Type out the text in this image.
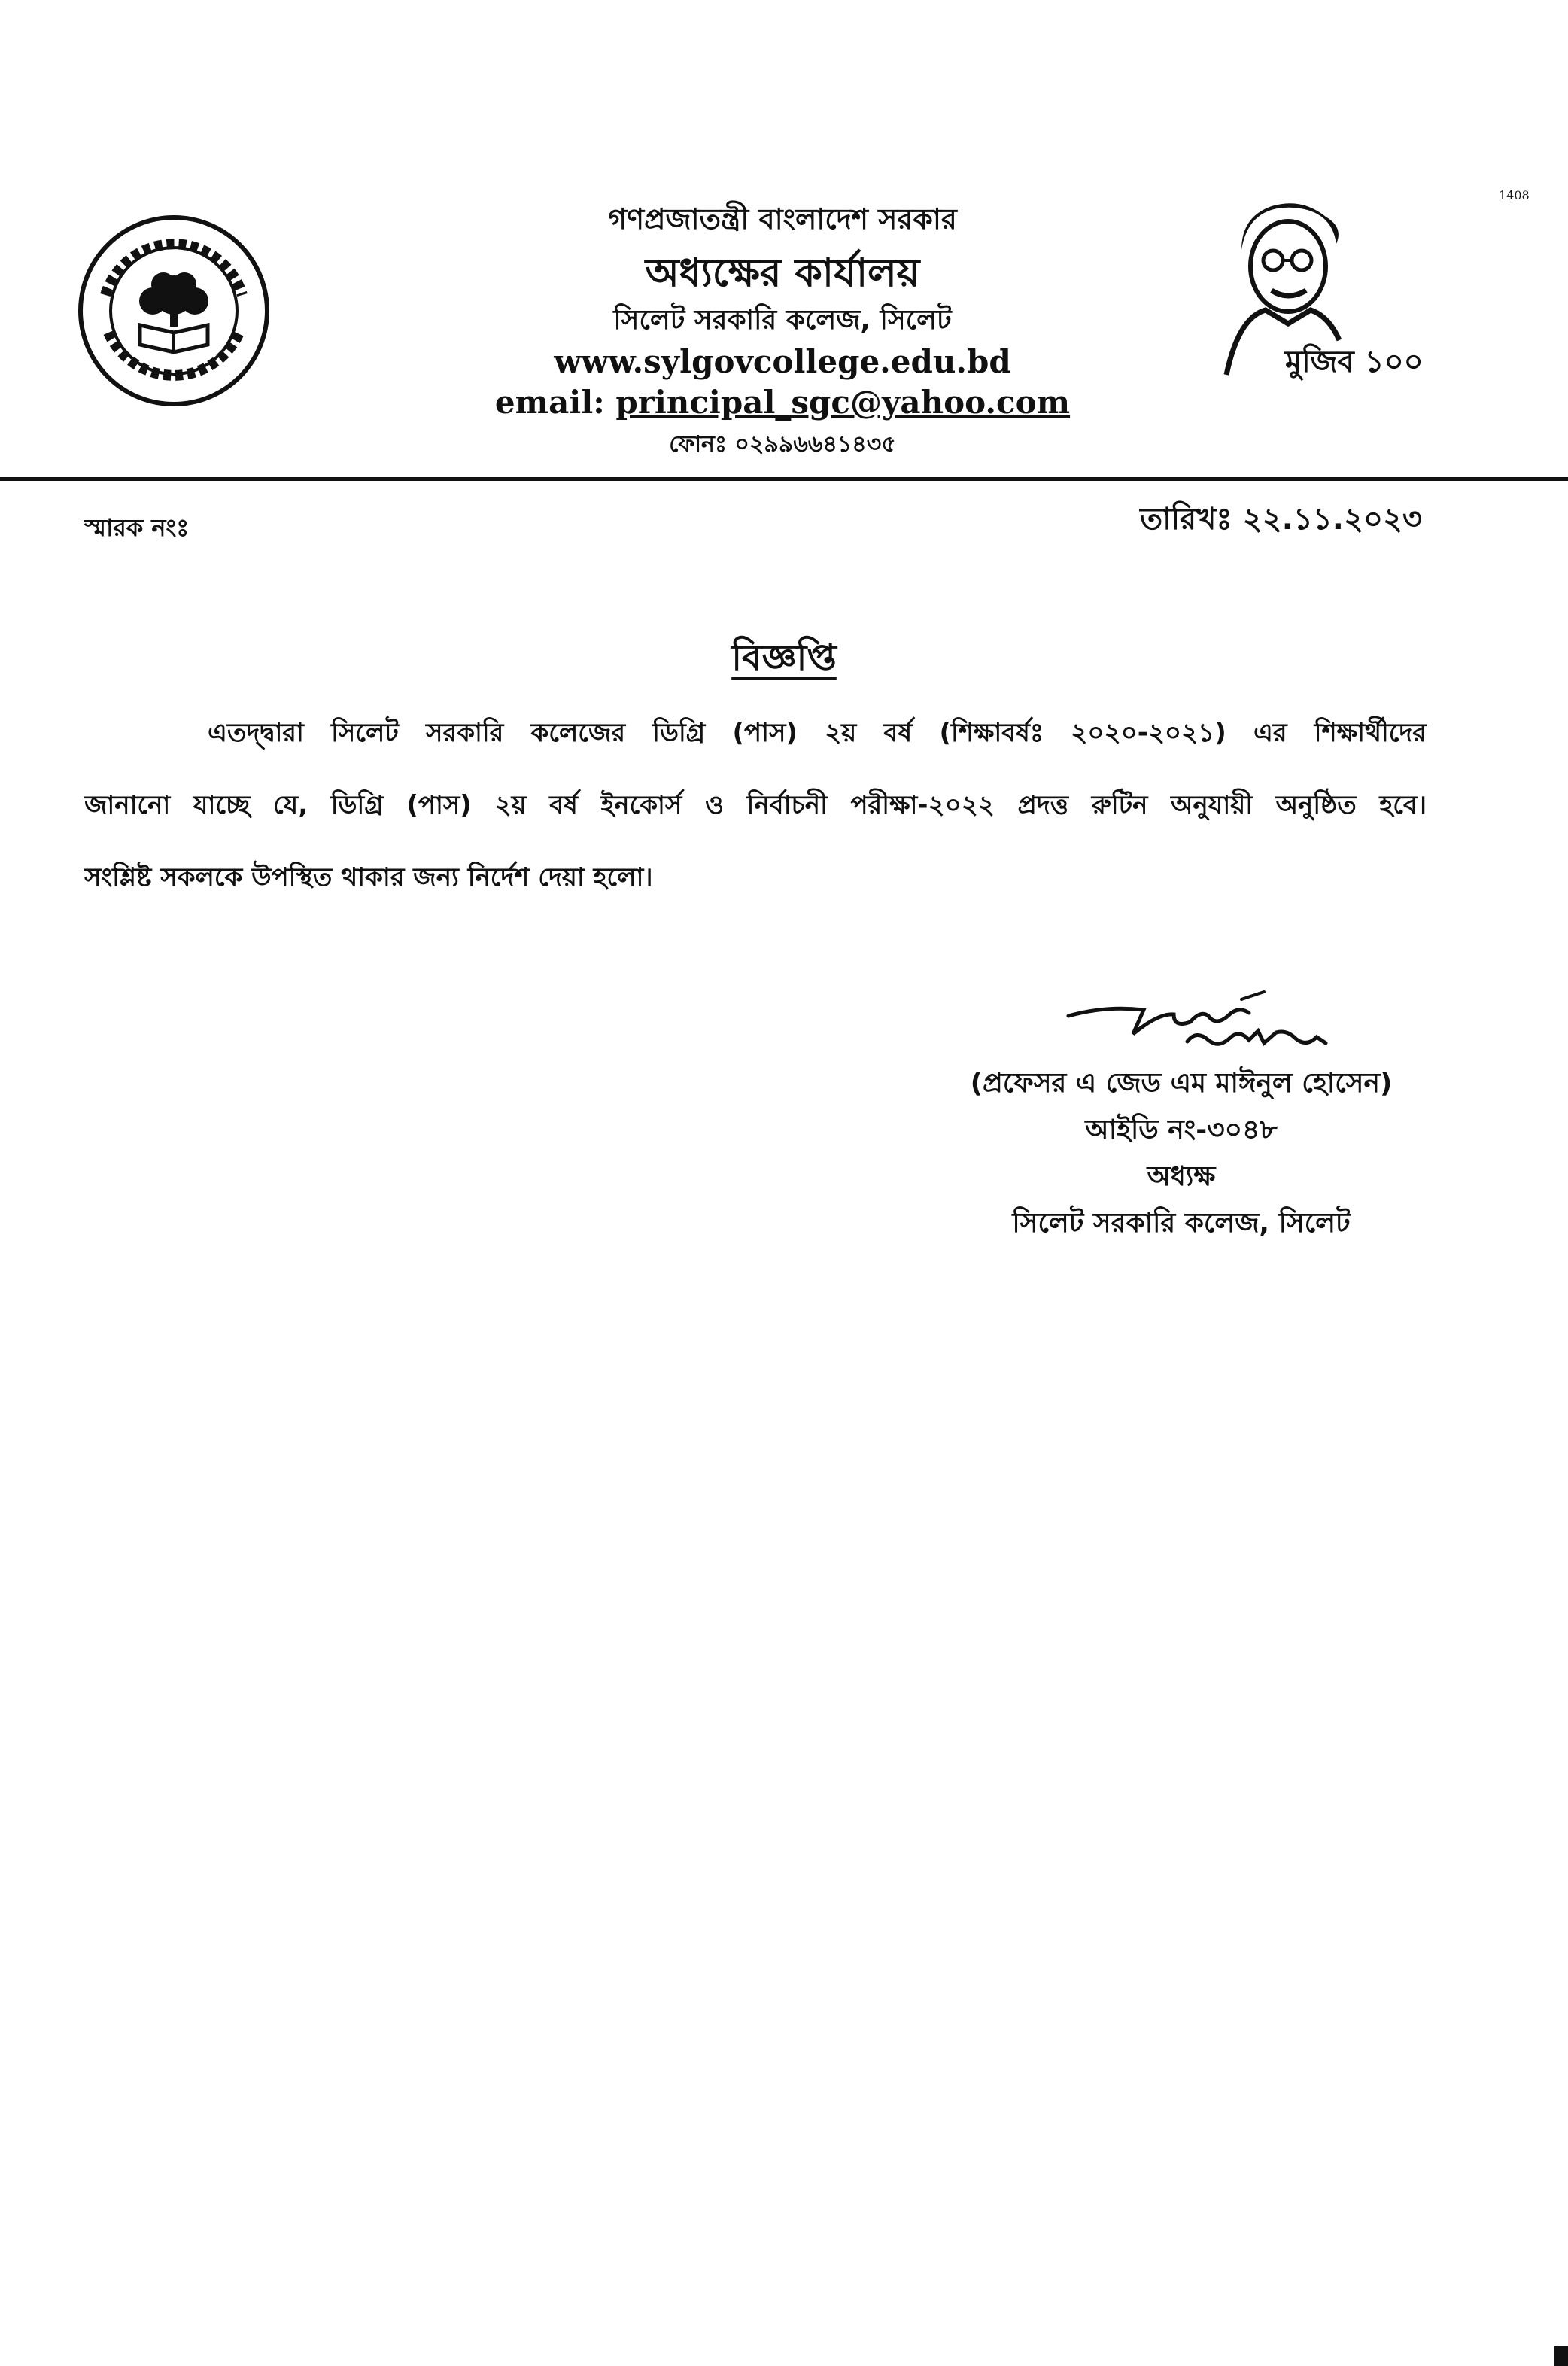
1408
গণপ্রজাতন্ত্রী বাংলাদেশ সরকার
অধ্যক্ষের কার্যালয়
সিলেট সরকারি কলেজ, সিলেট
www.sylgovcollege.edu.bd
email: principal_sgc@yahoo.com
ফোনঃ ০২৯৯৬৬৪১৪৩৫
মুজিব ১০০
স্মারক নংঃ	তারিখঃ ২২.১১.২০২৩
বিজ্ঞপ্তি
এতদ্দ্বারা সিলেট সরকারি কলেজের ডিগ্রি (পাস) ২য় বর্ষ (শিক্ষাবর্ষঃ ২০২০-২০২১) এর শিক্ষার্থীদের
জানানো যাচ্ছে যে, ডিগ্রি (পাস) ২য় বর্ষ ইনকোর্স ও নির্বাচনী পরীক্ষা-২০২২ প্রদত্ত রুটিন অনুযায়ী অনুষ্ঠিত হবে।
সংশ্লিষ্ট সকলকে উপস্থিত থাকার জন্য নির্দেশ দেয়া হলো।
(প্রফেসর এ জেড এম মাঈনুল হোসেন)
আইডি নং-৩০৪৮
অধ্যক্ষ
সিলেট সরকারি কলেজ, সিলেট
